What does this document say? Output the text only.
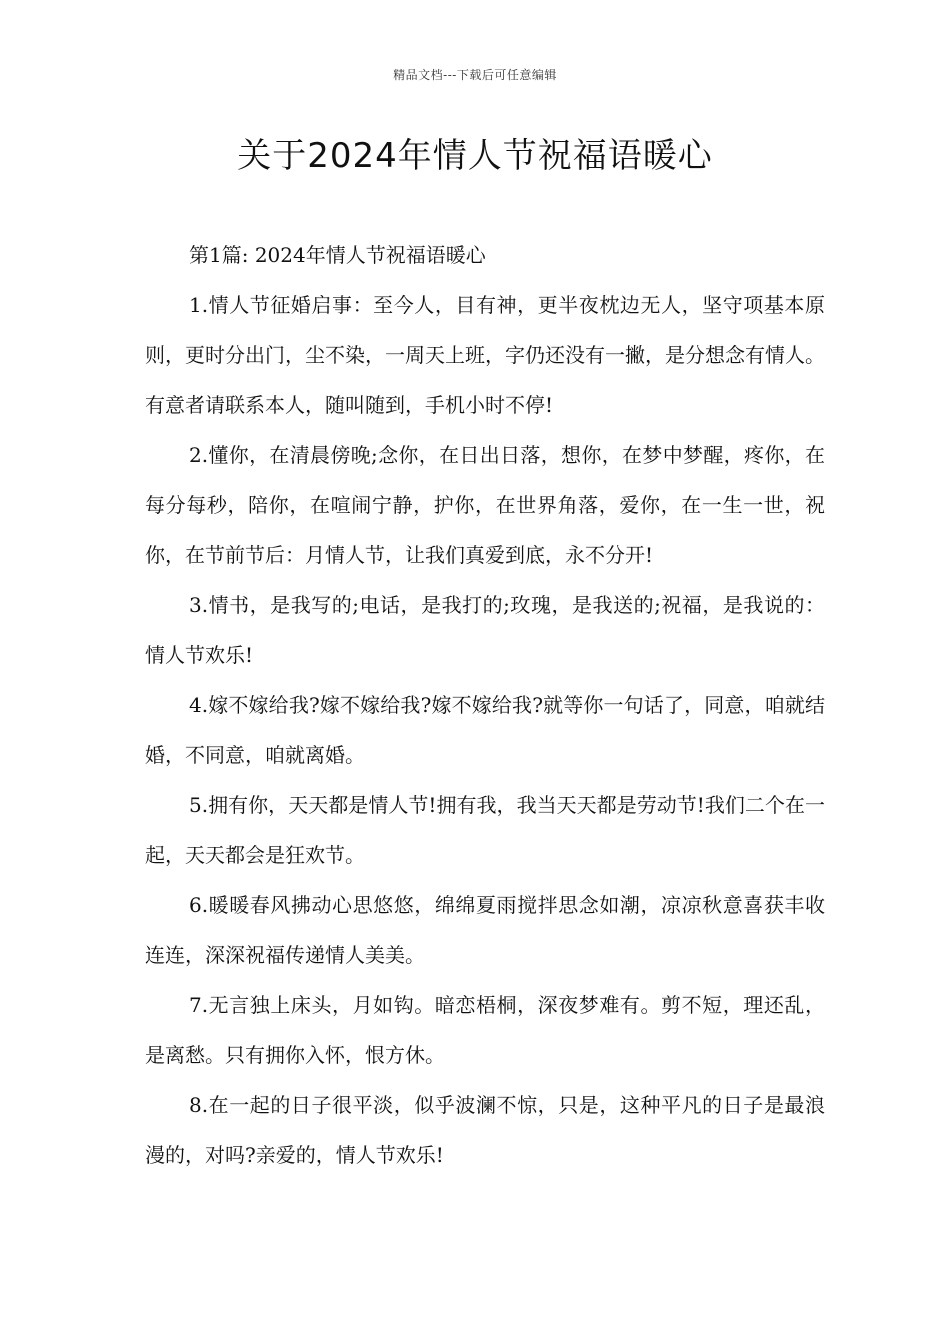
精品文档---下载后可任意编辑
关于2024年情人节祝福语暖心

第1篇: 2024年情人节祝福语暖心

1.情人节征婚启事：至今人，目有神，更半夜枕边无人，坚守项基本原则，更时分出门，尘不染，一周天上班，字仍还没有一撇，是分想念有情人。有意者请联系本人，随叫随到，手机小时不停!

2.懂你，在清晨傍晚;念你，在日出日落，想你，在梦中梦醒，疼你，在每分每秒，陪你，在喧闹宁静，护你，在世界角落，爱你，在一生一世，祝你，在节前节后：月情人节，让我们真爱到底，永不分开!

3.情书，是我写的;电话，是我打的;玫瑰，是我送的;祝福，是我说的：情人节欢乐!

4.嫁不嫁给我?嫁不嫁给我?嫁不嫁给我?就等你一句话了，同意，咱就结婚，不同意，咱就离婚。

5.拥有你，天天都是情人节!拥有我，我当天天都是劳动节!我们二个在一起，天天都会是狂欢节。

6.暖暖春风拂动心思悠悠，绵绵夏雨搅拌思念如潮，凉凉秋意喜获丰收连连，深深祝福传递情人美美。

7.无言独上床头，月如钩。暗恋梧桐，深夜梦难有。剪不短，理还乱，是离愁。只有拥你入怀，恨方休。

8.在一起的日子很平淡，似乎波澜不惊，只是，这种平凡的日子是最浪漫的，对吗?亲爱的，情人节欢乐!
